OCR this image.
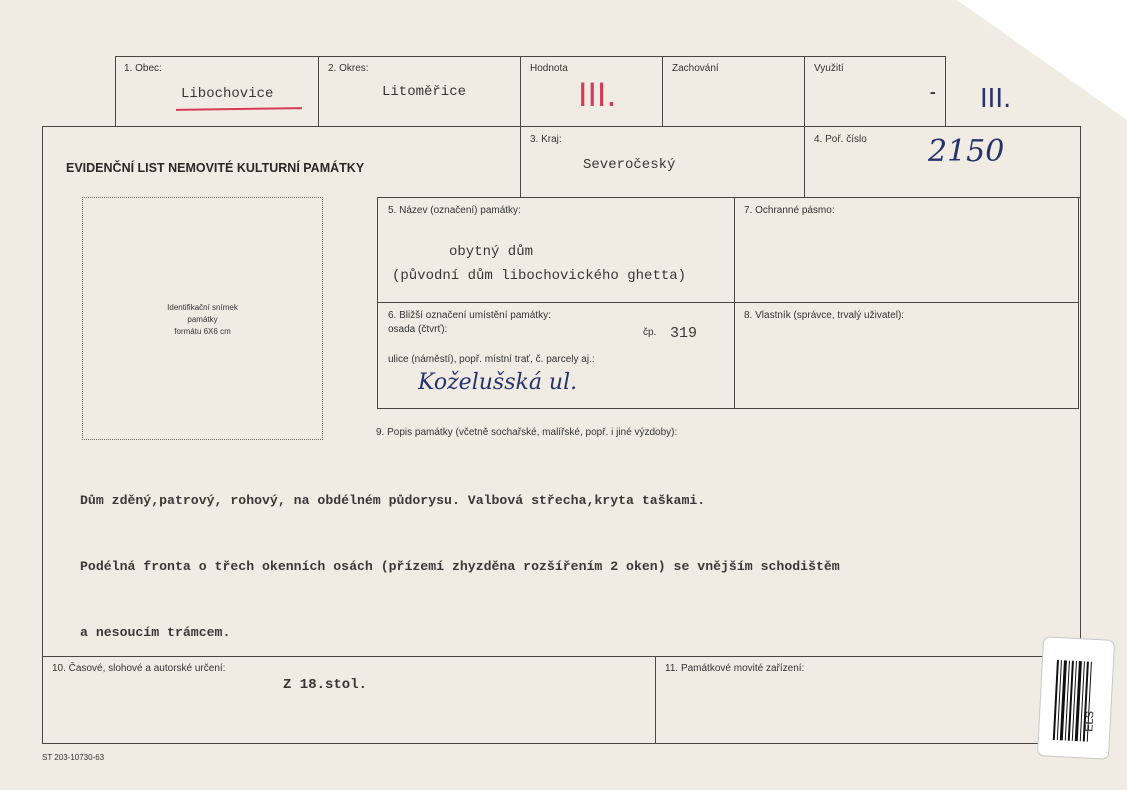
1. Obec:
Libochovice
2. Okres:
Litoměřice
Hodnota
III.
Zachování	Využití
- III.
EVIDENČNÍ LIST NEMOVITÉ KULTURNÍ PAMÁTKY
3. Kraj:
Severočeský
4. Poř. číslo 2150
Identifikační snímek
památky
formátu 6X6 cm
5. Název (označení) památky:
obytný dům
(původní dům libochovického ghetta)
7. Ochranné pásmo:
6. Bližší označení umístění památky:
osada (čtvrť):	čp. 319
ulice (náměstí), popř. místní trať, č. parcely aj.:
Koželušská ul.
8. Vlastník (správce, trvalý uživatel):
9. Popis památky (včetně sochařské, malířské, popř. i jiné výzdoby):

Dům zděný,patrový, rohový, na obdélném půdorysu. Valbová střecha,kryta taškami.

Podélná fronta o třech okenních osách (přízemí zhyzděna rozšířením 2 oken) se vnějším schodištěm

a nesoucím trámcem.

10. Časové, slohové a autorské určení:
Z 18.stol.
11. Památkové movité zařízení:
ST 203-10730-63
ELS
